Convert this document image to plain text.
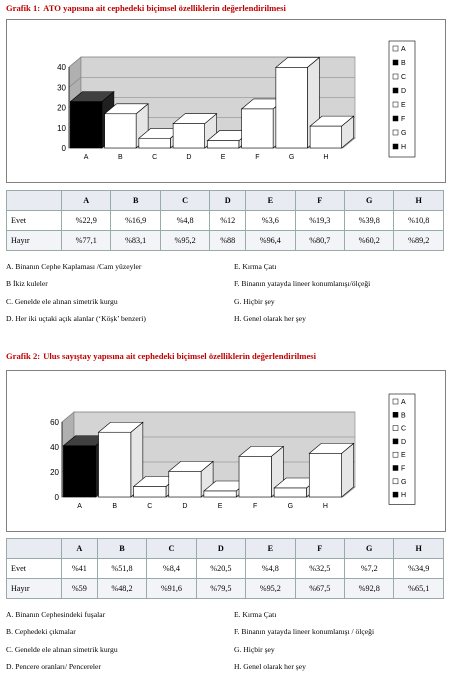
Grafik 1: ATO yapısına ait cephedeki biçimsel özelliklerin değerlendirilmesi
0
10
20
30
40
A	B	C	D	E	F	G	H
A
B
C
D
E
F
G
H
	A	B	C	D	E	F	G	H
Evet	%22,9	%16,9	%4,8	%12	%3,6	%19,3	%39,8	%10,8
Hayır	%77,1	%83,1	%95,2	%88	%96,4	%80,7	%60,2	%89,2
A. Binanın Cephe Kaplaması /Cam yüzeyler
B İkiz kuleler
C. Genelde ele alınan simetrik kurgu
D. Her iki uçtaki açık alanlar (‘Köşk’ benzeri)
E. Kırma Çatı
F. Binanın yatayda lineer konumlanışı/ölçeği
G. Hiçbir şey
H. Genel olarak her şey
Grafik 2: Ulus sayıştay yapısına ait cephedeki biçimsel özelliklerin değerlendirilmesi
0
20
40
60
A	B	C	D	E	F	G	H
A
B
C
D
E
F
G
H
	A	B	C	D	E	F	G	H
Evet	%41	%51,8	%8,4	%20,5	%4,8	%32,5	%7,2	%34,9
Hayır	%59	%48,2	%91,6	%79,5	%95,2	%67,5	%92,8	%65,1
A. Binanın Cephesindeki fuşalar
B. Cephedeki çıkmalar
C. Genelde ele alınan simetrik kurgu
D. Pencere oranları/ Pencereler
E. Kırma Çatı
F. Binanın yatayda lineer konumlanışı / ölçeği
G. Hiçbir şey
H. Genel olarak her şey
